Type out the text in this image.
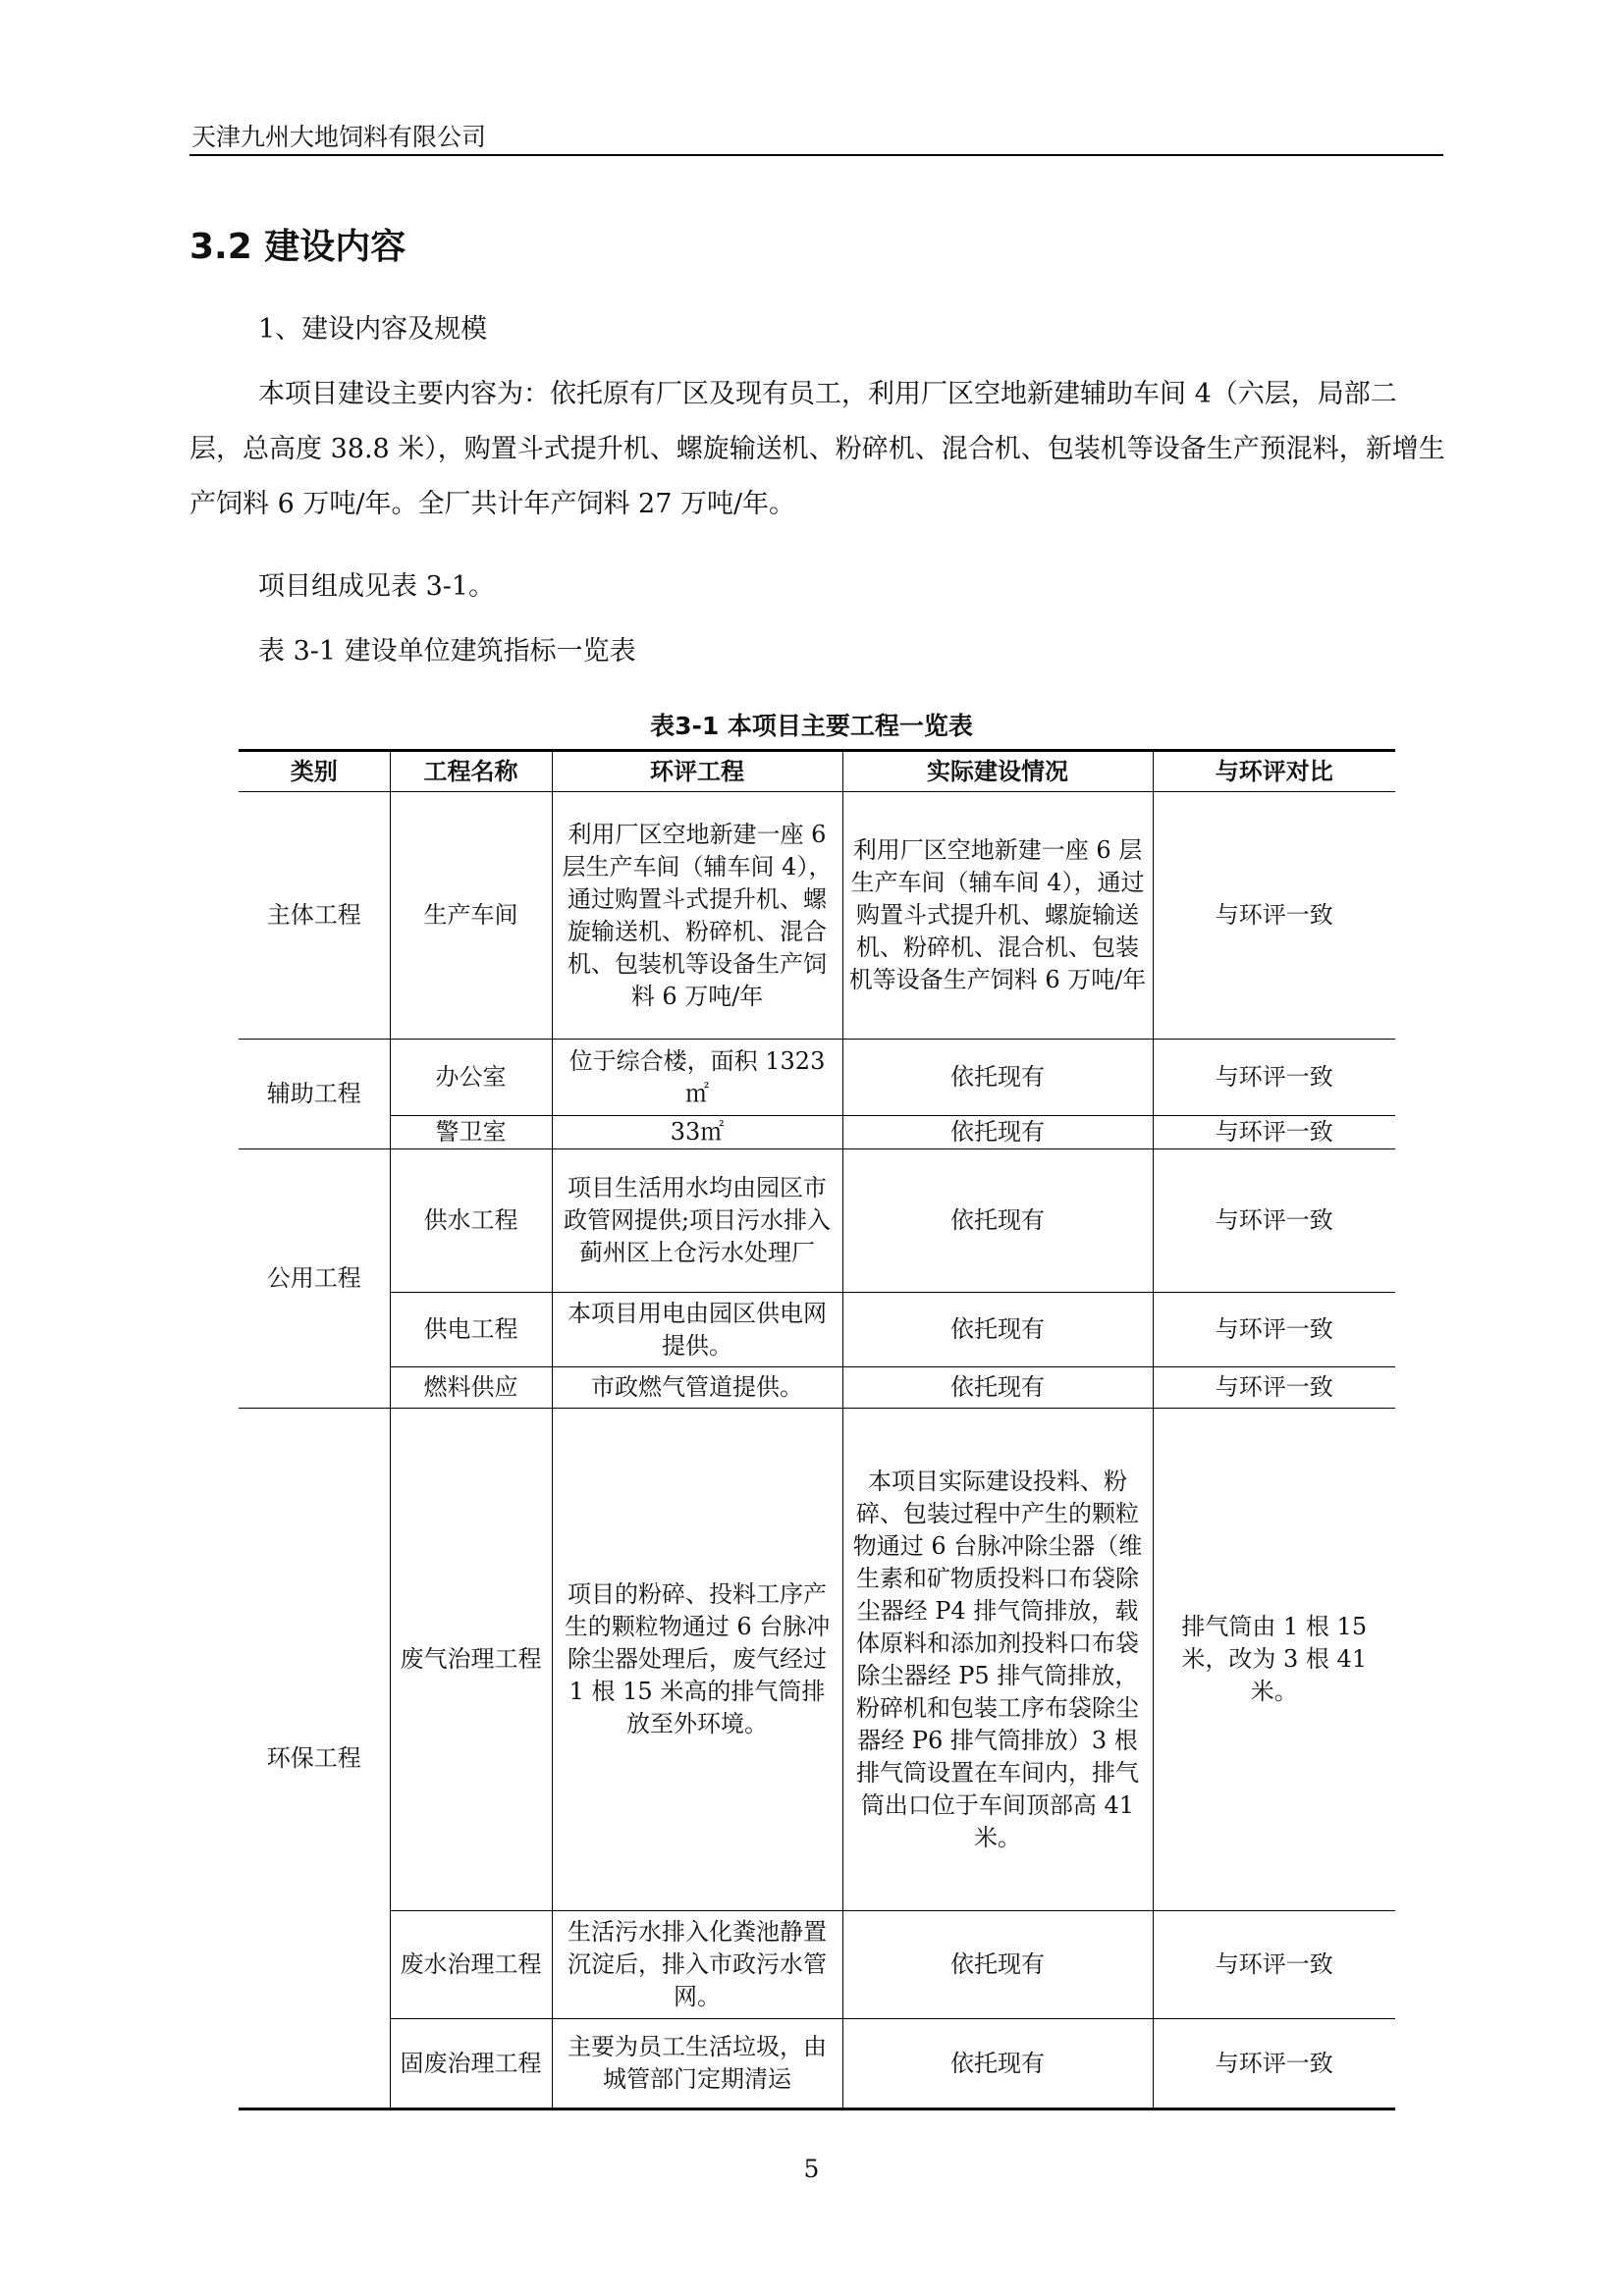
天津九州大地饲料有限公司
3.2 建设内容
1、建设内容及规模
本项目建设主要内容为：依托原有厂区及现有员工，利用厂区空地新建辅助车间 4（六层，局部二层，总高度 38.8 米），购置斗式提升机、螺旋输送机、粉碎机、混合机、包装机等设备生产预混料，新增生产饲料 6 万吨/年。全厂共计年产饲料 27 万吨/年。
项目组成见表 3-1。
表 3-1 建设单位建筑指标一览表
表3-1 本项目主要工程一览表
类别	工程名称	环评工程	实际建设情况	与环评对比
主体工程	生产车间	利用厂区空地新建一座 6 层生产车间（辅车间 4），通过购置斗式提升机、螺旋输送机、粉碎机、混合机、包装机等设备生产饲料 6 万吨/年	利用厂区空地新建一座 6 层生产车间（辅车间 4），通过购置斗式提升机、螺旋输送机、粉碎机、混合机、包装机等设备生产饲料 6 万吨/年	与环评一致
辅助工程	办公室	位于综合楼，面积 1323㎡	依托现有	与环评一致
	警卫室	33㎡	依托现有	与环评一致
公用工程	供水工程	项目生活用水均由园区市政管网提供;项目污水排入蓟州区上仓污水处理厂	依托现有	与环评一致
	供电工程	本项目用电由园区供电网提供。	依托现有	与环评一致
	燃料供应	市政燃气管道提供。	依托现有	与环评一致
环保工程	废气治理工程	项目的粉碎、投料工序产生的颗粒物通过 6 台脉冲除尘器处理后，废气经过 1 根 15 米高的排气筒排放至外环境。	本项目实际建设投料、粉碎、包装过程中产生的颗粒物通过 6 台脉冲除尘器（维生素和矿物质投料口布袋除尘器经 P4 排气筒排放，载体原料和添加剂投料口布袋除尘器经 P5 排气筒排放，粉碎机和包装工序布袋除尘器经 P6 排气筒排放）3 根排气筒设置在车间内，排气筒出口位于车间顶部高 41 米。	排气筒由 1 根 15 米，改为 3 根 41 米。
	废水治理工程	生活污水排入化粪池静置沉淀后，排入市政污水管网。	依托现有	与环评一致
	固废治理工程	主要为员工生活垃圾，由城管部门定期清运	依托现有	与环评一致
5
